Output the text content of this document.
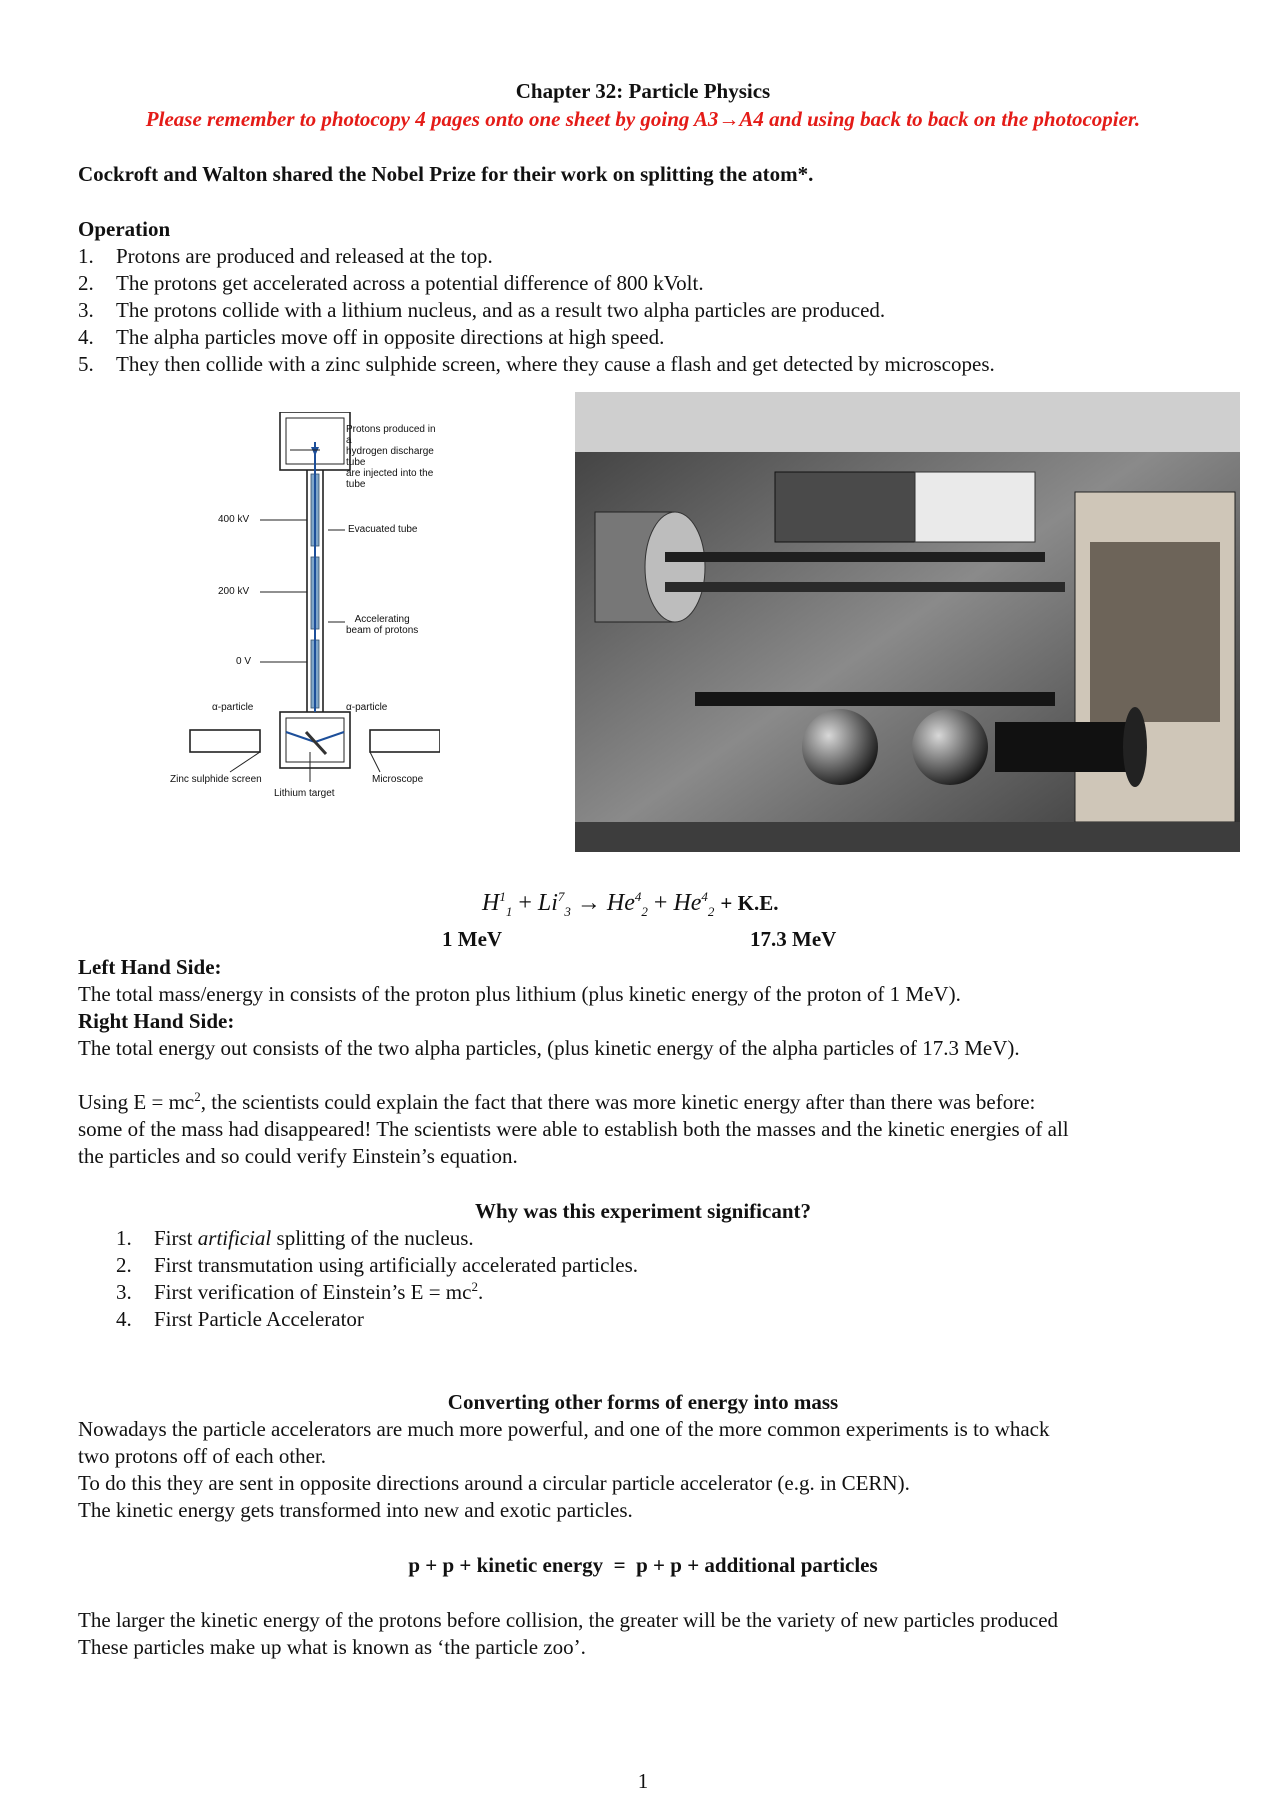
Chapter 32: Particle Physics
Please remember to photocopy 4 pages onto one sheet by going A3→A4 and using back to back on the photocopier.
Cockroft and Walton shared the Nobel Prize for their work on splitting the atom*.
Operation
1.	Protons are produced and released at the top.
2.	The protons get accelerated across a potential difference of 800 kVolt.
3.	The protons collide with a lithium nucleus, and as a result two alpha particles are produced.
4.	The alpha particles move off in opposite directions at high speed.
5.	They then collide with a zinc sulphide screen, where they cause a flash and get detected by microscopes.
Protons produced in a
hydrogen discharge tube
are injected into the tube
400 kV
200 kV
0 V
Evacuated tube
Accelerating
beam of protons
α-particle	α-particle
Zinc sulphide screen	Microscope
Lithium target
$H^1_1 + Li^7_3 \to He^4_2 + He^4_2 + K.E$.
1 MeV	17.3 MeV
Left Hand Side:
The total mass/energy in consists of the proton plus lithium (plus kinetic energy of the proton of 1 MeV).
Right Hand Side:
The total energy out consists of the two alpha particles, (plus kinetic energy of the alpha particles of 17.3 MeV).
Using $E = mc^2$, the scientists could explain the fact that there was more kinetic energy after than there was before:
some of the mass had disappeared! The scientists were able to establish both the masses and the kinetic energies of all
the particles and so could verify Einstein’s equation.
Why was this experiment significant?
1.	First artificial splitting of the nucleus.
2.	First transmutation using artificially accelerated particles.
3.	First verification of Einstein’s $E = mc^2$.
4.	First Particle Accelerator
Converting other forms of energy into mass
Nowadays the particle accelerators are much more powerful, and one of the more common experiments is to whack
two protons off of each other.
To do this they are sent in opposite directions around a circular particle accelerator (e.g. in CERN).
The kinetic energy gets transformed into new and exotic particles.
p + p + kinetic energy  =  p + p + additional particles
The larger the kinetic energy of the protons before collision, the greater will be the variety of new particles produced
These particles make up what is known as ‘the particle zoo’.
1
